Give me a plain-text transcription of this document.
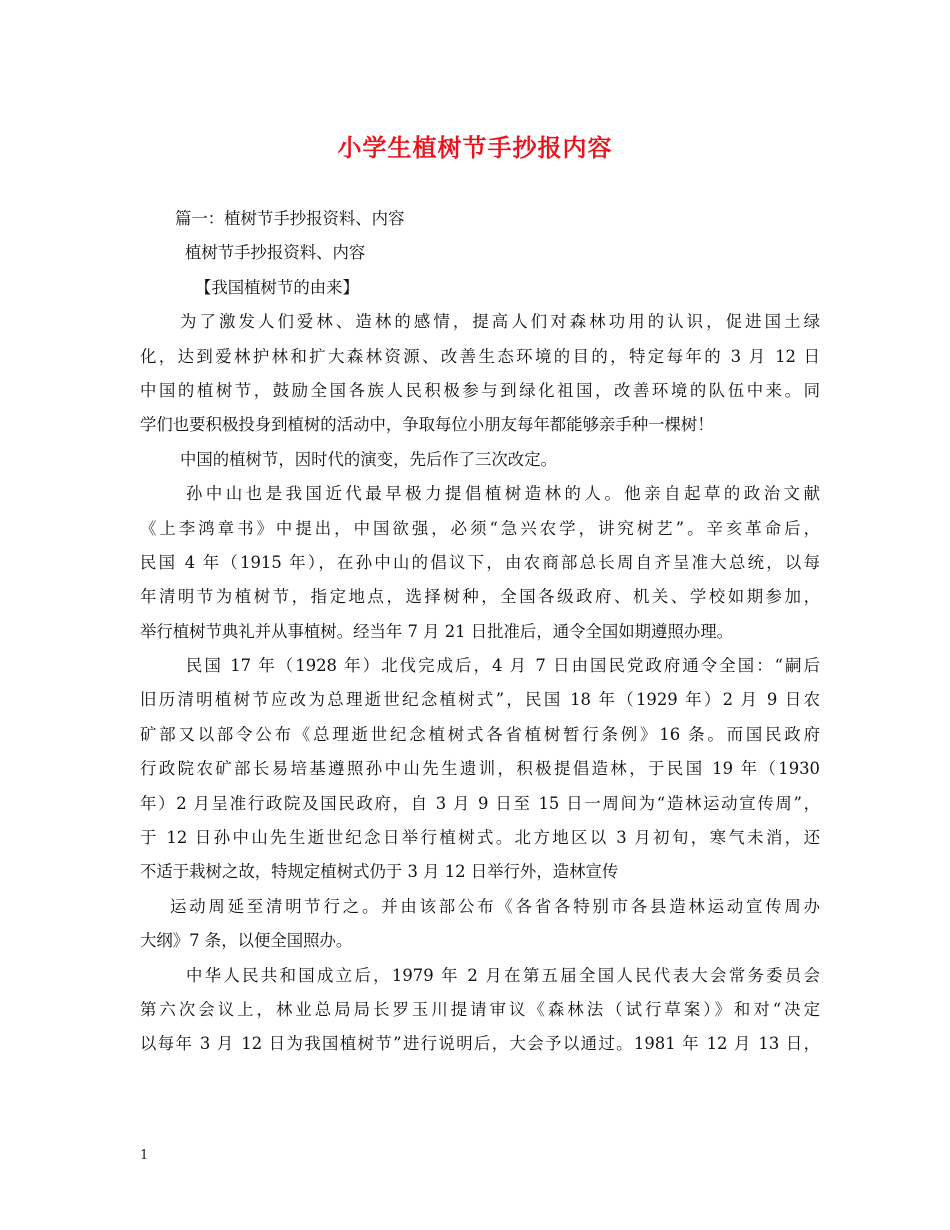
小学生植树节手抄报内容
篇一：植树节手抄报资料、内容
植树节手抄报资料、内容
【我国植树节的由来】
为了激发人们爱林、造林的感情，提高人们对森林功用的认识，促进国土绿
化，达到爱林护林和扩大森林资源、改善生态环境的目的，特定每年的 3 月 12 日
中国的植树节，鼓励全国各族人民积极参与到绿化祖国，改善环境的队伍中来。同
学们也要积极投身到植树的活动中，争取每位小朋友每年都能够亲手种一棵树！
中国的植树节，因时代的演变，先后作了三次改定。
孙中山也是我国近代最早极力提倡植树造林的人。他亲自起草的政治文献
《上李鸿章书》中提出，中国欲强，必须“急兴农学，讲究树艺”。辛亥革命后，
民国 4 年（1915 年），在孙中山的倡议下，由农商部总长周自齐呈准大总统，以每
年清明节为植树节，指定地点，选择树种，全国各级政府、机关、学校如期参加，
举行植树节典礼并从事植树。经当年 7 月 21 日批准后，通令全国如期遵照办理。
民国 17 年（1928 年）北伐完成后，4 月 7 日由国民党政府通令全国：“嗣后
旧历清明植树节应改为总理逝世纪念植树式”，民国 18 年（1929 年）2 月 9 日农
矿部又以部令公布《总理逝世纪念植树式各省植树暂行条例》16 条。而国民政府
行政院农矿部长易培基遵照孙中山先生遗训，积极提倡造林，于民国 19 年（1930
年）2 月呈准行政院及国民政府，自 3 月 9 日至 15 日一周间为“造林运动宣传周”，
于 12 日孙中山先生逝世纪念日举行植树式。北方地区以 3 月初旬，寒气未消，还
不适于栽树之故，特规定植树式仍于 3 月 12 日举行外，造林宣传
运动周延至清明节行之。并由该部公布《各省各特别市各县造林运动宣传周办
大纲》7 条，以便全国照办。
中华人民共和国成立后，1979 年 2 月在第五届全国人民代表大会常务委员会
第六次会议上，林业总局局长罗玉川提请审议《森林法（试行草案）》和对“决定
以每年 3 月 12 日为我国植树节”进行说明后，大会予以通过。1981 年 12 月 13 日，
1
